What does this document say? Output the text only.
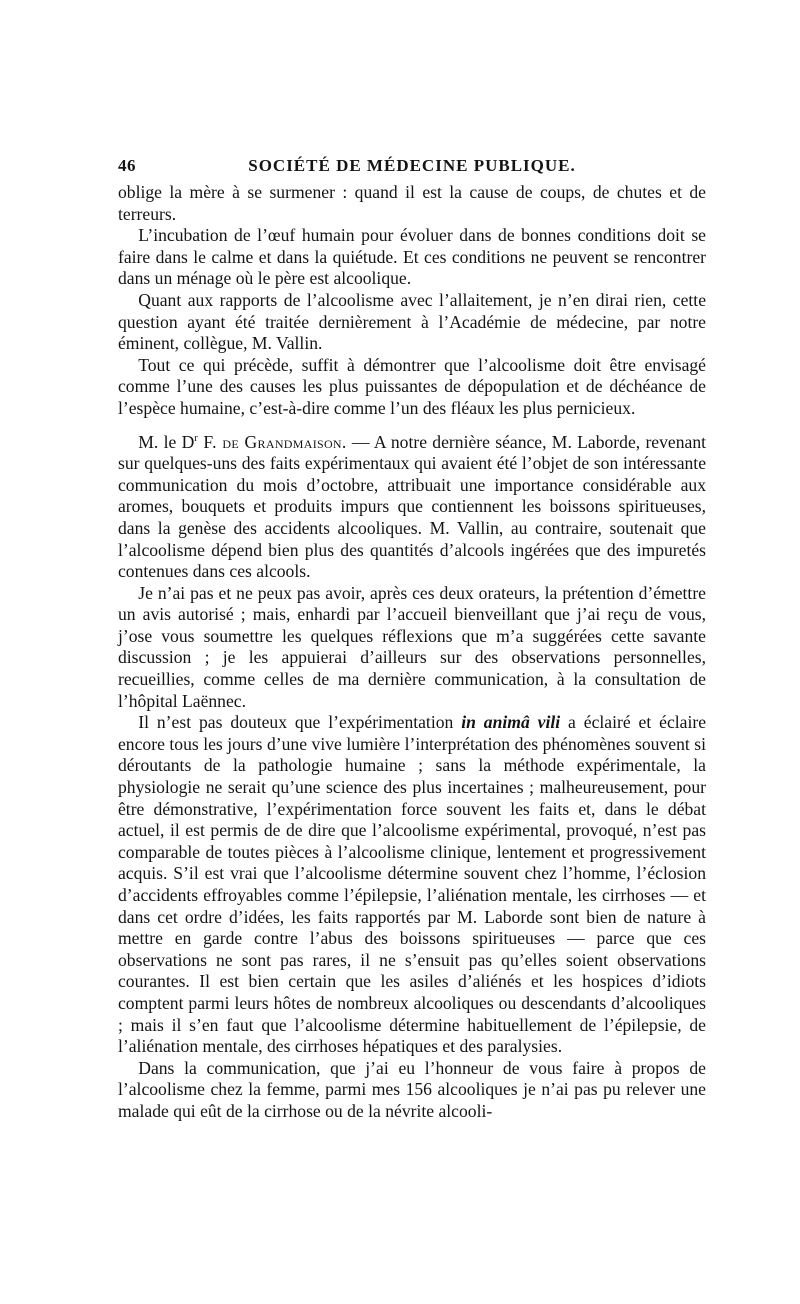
46	SOCIÉTÉ DE MÉDECINE PUBLIQUE.

oblige la mère à se surmener : quand il est la cause de coups, de chutes et de terreurs.

L’incubation de l’œuf humain pour évoluer dans de bonnes conditions doit se faire dans le calme et dans la quiétude. Et ces conditions ne peuvent se rencontrer dans un ménage où le père est alcoolique.

Quant aux rapports de l’alcoolisme avec l’allaitement, je n’en dirai rien, cette question ayant été traitée dernièrement à l’Académie de médecine, par notre éminent, collègue, M. Vallin.

Tout ce qui précède, suffit à démontrer que l’alcoolisme doit être envisagé comme l’une des causes les plus puissantes de dépopulation et de déchéance de l’espèce humaine, c’est-à-dire comme l’un des fléaux les plus pernicieux.

M. le $D^r$ F. de Grandmaison. — A notre dernière séance, M. Laborde, revenant sur quelques-uns des faits expérimentaux qui avaient été l’objet de son intéressante communication du mois d’octobre, attribuait une importance considérable aux aromes, bouquets et produits impurs que contiennent les boissons spiritueuses, dans la genèse des accidents alcooliques. M. Vallin, au contraire, soutenait que l’alcoolisme dépend bien plus des quantités d’alcools ingérées que des impuretés contenues dans ces alcools.

Je n’ai pas et ne peux pas avoir, après ces deux orateurs, la prétention d’émettre un avis autorisé ; mais, enhardi par l’accueil bienveillant que j’ai reçu de vous, j’ose vous soumettre les quelques réflexions que m’a suggérées cette savante discussion ; je les appuierai d’ailleurs sur des observations personnelles, recueillies, comme celles de ma dernière communication, à la consultation de l’hôpital Laënnec.

Il n’est pas douteux que l’expérimentation in animâ vili a éclairé et éclaire encore tous les jours d’une vive lumière l’interprétation des phénomènes souvent si déroutants de la pathologie humaine ; sans la méthode expérimentale, la physiologie ne serait qu’une science des plus incertaines ; malheureusement, pour être démonstrative, l’expérimentation force souvent les faits et, dans le débat actuel, il est permis de de dire que l’alcoolisme expérimental, provoqué, n’est pas comparable de toutes pièces à l’alcoolisme clinique, lentement et progressivement acquis. S’il est vrai que l’alcoolisme détermine souvent chez l’homme, l’éclosion d’accidents effroyables comme l’épilepsie, l’aliénation mentale, les cirrhoses — et dans cet ordre d’idées, les faits rapportés par M. Laborde sont bien de nature à mettre en garde contre l’abus des boissons spiritueuses — parce que ces observations ne sont pas rares, il ne s’ensuit pas qu’elles soient observations courantes. Il est bien certain que les asiles d’aliénés et les hospices d’idiots comptent parmi leurs hôtes de nombreux alcooliques ou descendants d’alcooliques ; mais il s’en faut que l’alcoolisme détermine habituellement de l’épilepsie, de l’aliénation mentale, des cirrhoses hépatiques et des paralysies.

Dans la communication, que j’ai eu l’honneur de vous faire à propos de l’alcoolisme chez la femme, parmi mes 156 alcooliques je n’ai pas pu relever une malade qui eût de la cirrhose ou de la névrite alcooli-
